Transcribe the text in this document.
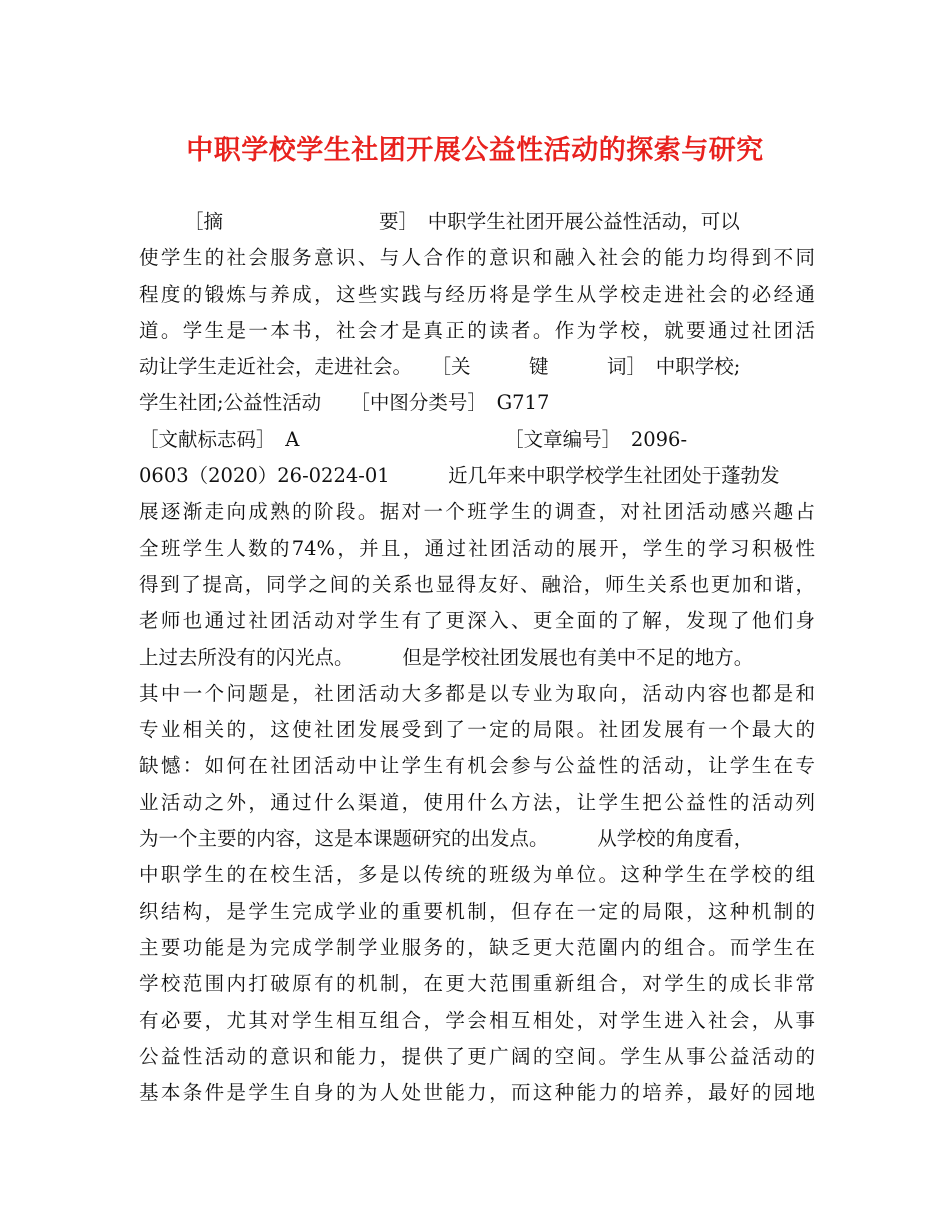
中职学校学生社团开展公益性活动的探索与研究
［摘　　　　　　　　要］　中职学生社团开展公益性活动，可以
使学生的社会服务意识、与人合作的意识和融入社会的能力均得到不同
程度的锻炼与养成，这些实践与经历将是学生从学校走进社会的必经通
道。学生是一本书，社会才是真正的读者。作为学校，就要通过社团活
动让学生走近社会，走进社会。　　［关　　　键　　　词］　中职学校;
学生社团;公益性活动　　［中图分类号］　G717
［文献标志码］　A　　　　　　　　　　　［文章编号］　2096-
0603（2020）26-0224-01　　　近几年来中职学校学生社团处于蓬勃发
展逐渐走向成熟的阶段。据对一个班学生的调查，对社团活动感兴趣占
全班学生人数的74%，并且，通过社团活动的展开，学生的学习积极性
得到了提高，同学之间的关系也显得友好、融洽，师生关系也更加和谐，
老师也通过社团活动对学生有了更深入、更全面的了解，发现了他们身
上过去所没有的闪光点。　　　但是学校社团发展也有美中不足的地方。
其中一个问题是，社团活动大多都是以专业为取向，活动内容也都是和
专业相关的，这使社团发展受到了一定的局限。社团发展有一个最大的
缺憾：如何在社团活动中让学生有机会参与公益性的活动，让学生在专
业活动之外，通过什么渠道，使用什么方法，让学生把公益性的活动列
为一个主要的内容，这是本课题研究的出发点。　　　从学校的角度看，
中职学生的在校生活，多是以传统的班级为单位。这种学生在学校的组
织结构，是学生完成学业的重要机制，但存在一定的局限，这种机制的
主要功能是为完成学制学业服务的，缺乏更大范圍内的组合。而学生在
学校范围内打破原有的机制，在更大范围重新组合，对学生的成长非常
有必要，尤其对学生相互组合，学会相互相处，对学生进入社会，从事
公益性活动的意识和能力，提供了更广阔的空间。学生从事公益活动的
基本条件是学生自身的为人处世能力，而这种能力的培养，最好的园地
